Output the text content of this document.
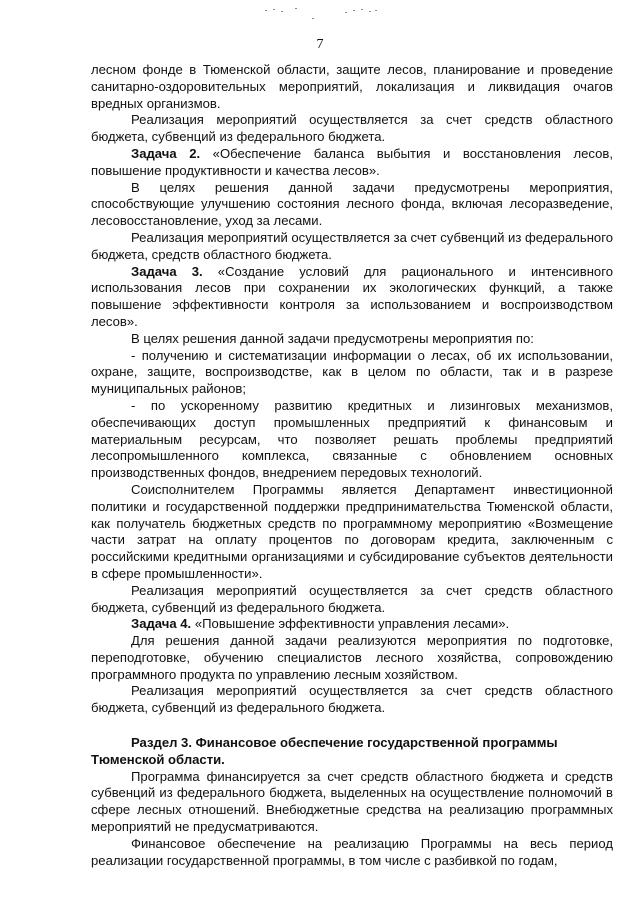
7

лесном фонде в Тюменской области, защите лесов, планирование и проведение санитарно-оздоровительных мероприятий, локализация и ликвидация очагов вредных организмов.

Реализация мероприятий осуществляется за счет средств областного бюджета, субвенций из федерального бюджета.

Задача 2. «Обеспечение баланса выбытия и восстановления лесов, повышение продуктивности и качества лесов».

В целях решения данной задачи предусмотрены мероприятия, способствующие улучшению состояния лесного фонда, включая лесоразведение, лесовосстановление, уход за лесами.

Реализация мероприятий осуществляется за счет субвенций из федерального бюджета, средств областного бюджета.

Задача 3. «Создание условий для рационального и интенсивного использования лесов при сохранении их экологических функций, а также повышение эффективности контроля за использованием и воспроизводством лесов».

В целях решения данной задачи предусмотрены мероприятия по:

- получению и систематизации информации о лесах, об их использовании, охране, защите, воспроизводстве, как в целом по области, так и в разрезе муниципальных районов;

- по ускоренному развитию кредитных и лизинговых механизмов, обеспечивающих доступ промышленных предприятий к финансовым и материальным ресурсам, что позволяет решать проблемы предприятий лесопромышленного комплекса, связанные с обновлением основных производственных фондов, внедрением передовых технологий.

Соисполнителем Программы является Департамент инвестиционной политики и государственной поддержки предпринимательства Тюменской области, как получатель бюджетных средств по программному мероприятию «Возмещение части затрат на оплату процентов по договорам кредита, заключенным с российскими кредитными организациями и субсидирование субъектов деятельности в сфере промышленности».

Реализация мероприятий осуществляется за счет средств областного бюджета, субвенций из федерального бюджета.

Задача 4. «Повышение эффективности управления лесами».

Для решения данной задачи реализуются мероприятия по подготовке, переподготовке, обучению специалистов лесного хозяйства, сопровождению программного продукта по управлению лесным хозяйством.

Реализация мероприятий осуществляется за счет средств областного бюджета, субвенций из федерального бюджета.

Раздел 3. Финансовое обеспечение государственной программы Тюменской области.

Программа финансируется за счет средств областного бюджета и средств субвенций из федерального бюджета, выделенных на осуществление полномочий в сфере лесных отношений. Внебюджетные средства на реализацию программных мероприятий не предусматриваются.

Финансовое обеспечение на реализацию Программы на весь период реализации государственной программы, в том числе с разбивкой по годам,
